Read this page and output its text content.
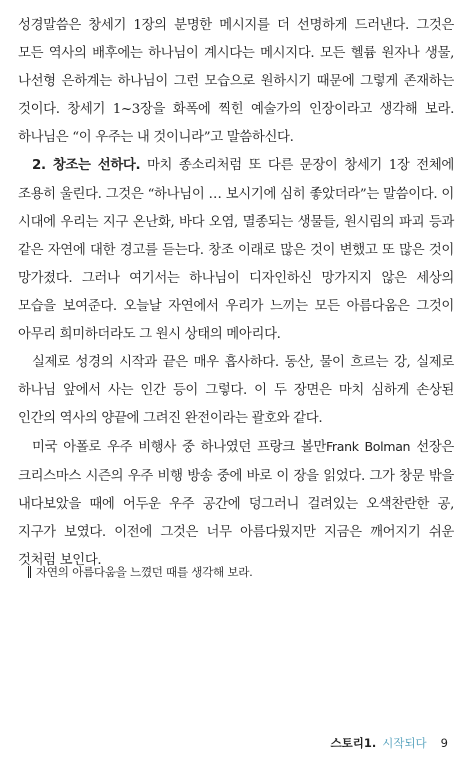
성경말씀은 창세기 1장의 분명한 메시지를 더 선명하게 드러낸다. 그것은 모든 역사의 배후에는 하나님이 계시다는 메시지다. 모든 헬륨 원자나 생물, 나선형 은하계는 하나님이 그런 모습으로 원하시기 때문에 그렇게 존재하는 것이다. 창세기 1~3장을 화폭에 찍힌 예술가의 인장이라고 생각해 보라. 하나님은 “이 우주는 내 것이니라”고 말씀하신다.

2. 창조는 선하다. 마치 종소리처럼 또 다른 문장이 창세기 1장 전체에 조용히 울린다. 그것은 “하나님이 … 보시기에 심히 좋았더라”는 말씀이다. 이 시대에 우리는 지구 온난화, 바다 오염, 멸종되는 생물들, 원시림의 파괴 등과 같은 자연에 대한 경고를 듣는다. 창조 이래로 많은 것이 변했고 또 많은 것이 망가졌다. 그러나 여기서는 하나님이 디자인하신 망가지지 않은 세상의 모습을 보여준다. 오늘날 자연에서 우리가 느끼는 모든 아름다움은 그것이 아무리 희미하더라도 그 원시 상태의 메아리다.

실제로 성경의 시작과 끝은 매우 흡사하다. 동산, 물이 흐르는 강, 실제로 하나님 앞에서 사는 인간 등이 그렇다. 이 두 장면은 마치 심하게 손상된 인간의 역사의 양끝에 그려진 완전이라는 괄호와 같다.

미국 아폴로 우주 비행사 중 하나였던 프랑크 볼만Frank Bolman 선장은 크리스마스 시즌의 우주 비행 방송 중에 바로 이 장을 읽었다. 그가 창문 밖을 내다보았을 때에 어두운 우주 공간에 덩그러니 걸려있는 오색찬란한 공, 지구가 보였다. 이전에 그것은 너무 아름다웠지만 지금은 깨어지기 쉬운 것처럼 보인다.

자연의 아름다움을 느꼈던 때를 생각해 보라.
스토리1. 시작되다 9
